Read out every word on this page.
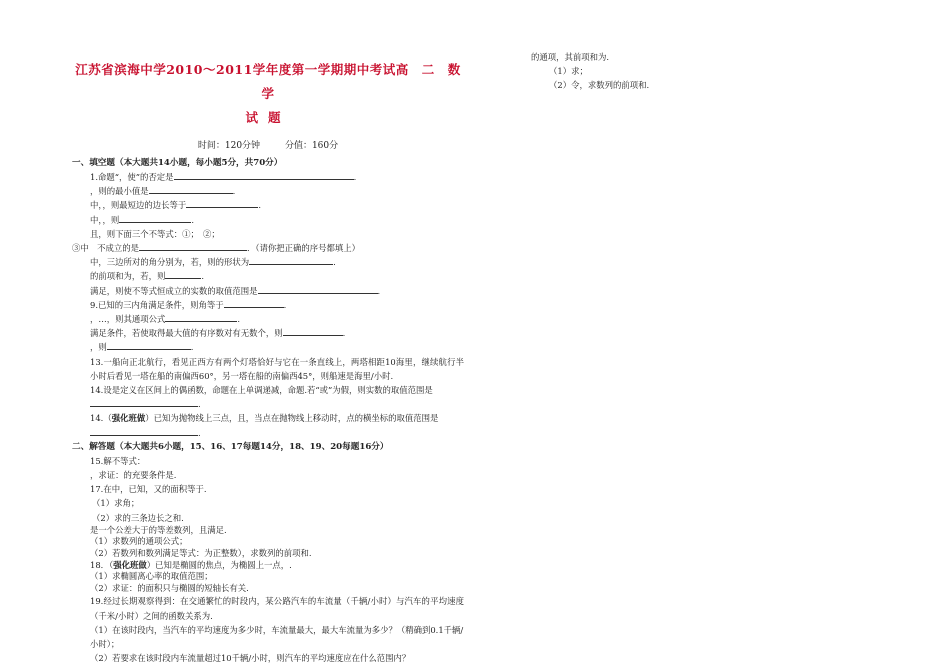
江苏省滨海中学2010～2011学年度第一学期期中考试高　二　数　学
试题
时间：120分钟	分值：160分
一、填空题（本大题共14小题，每小题5分，共70分）
1.命题“，使”的否定是	.
，则的最小值是	.
中，，则最短边的边长等于	.
中，，则	.
且，则下面三个不等式：①；　②；
③中　不成立的是	．（请你把正确的序号都填上）
中，三边所对的角分别为，若，则的形状为	.
的前项和为，若，则	.
满足，则使不等式恒成立的实数的取值范围是	.
9.已知的三内角满足条件，则角等于	.
，…，则其通项公式	.
满足条件，若使取得最大值的有序数对有无数个，则	.
，则	.
13.一船向正北航行，看见正西方有两个灯塔恰好与它在一条直线上，两塔相距10海里，继续航行半小时后看见一塔在船的南偏西60°，另一塔在船的南偏西45°，则船速是海里/小时.
14.设是定义在区间上的偶函数，命题在上单调递减，命题.若“或”为假，则实数的取值范围是.
14.（强化班做）已知为抛物线上三点，且，当点在抛物线上移动时，点的横坐标的取值范围是.
二、解答题（本大题共6小题，15、16、17每题14分，18、19、20每题16分）
15.解不等式：
，求证：的充要条件是.
17.在中，已知，又的面积等于.
（1）求角；
（2）求的三条边长之和.
是一个公差大于的等差数列，且满足.
（1）求数列的通项公式；
（2）若数列和数列满足等式：为正整数），求数列的前项和.
18．（强化班做）已知是椭圆的焦点，为椭圆上一点，.
（1）求椭圆离心率的取值范围；
（2）求证：的面积只与椭圆的短轴长有关.
19.经过长期观察得到：在交通繁忙的时段内，某公路汽车的车流量（千辆/小时）与汽车的平均速度（千米/小时）之间的函数关系为.
（1）在该时段内，当汽车的平均速度为多少时，车流量最大，最大车流量为多少？（精确到0.1千辆/小时）；
（2）若要求在该时段内车流量超过10千辆/小时，则汽车的平均速度应在什么范围内？
的通项，其前项和为.
（1）求；
（2）令，求数列的前项和.
